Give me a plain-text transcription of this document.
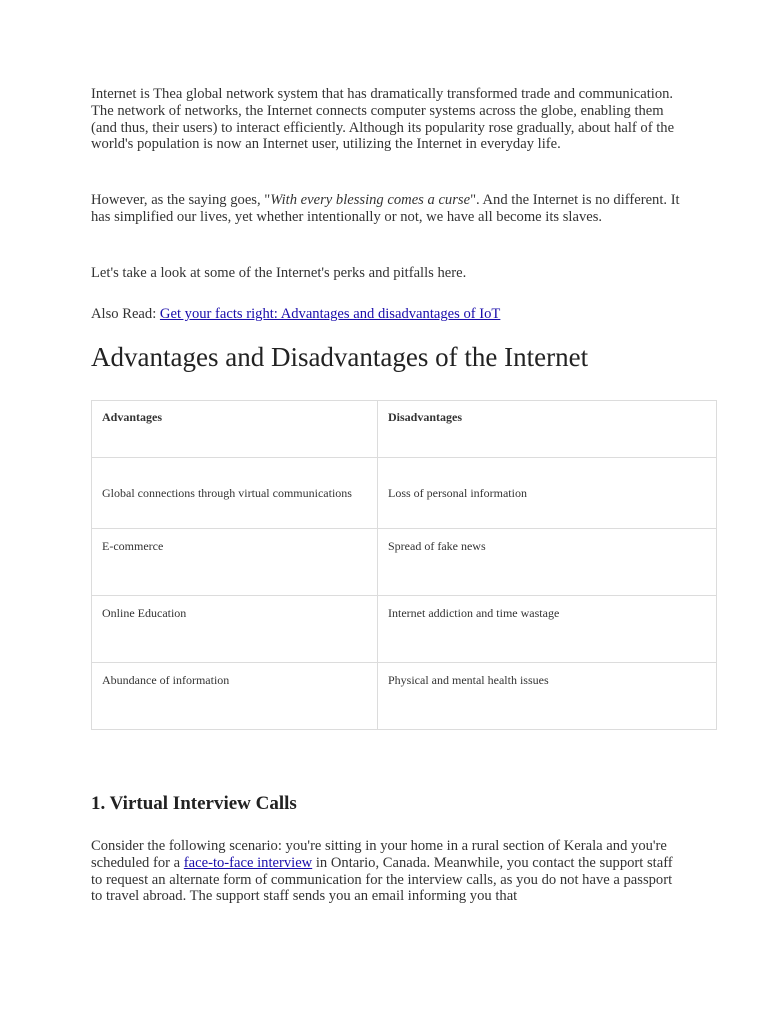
Internet is Thea global network system that has dramatically transformed trade and communication. The network of networks, the Internet connects computer systems across the globe, enabling them (and thus, their users) to interact efficiently. Although its popularity rose gradually, about half of the world's population is now an Internet user, utilizing the Internet in everyday life.

However, as the saying goes, "With every blessing comes a curse". And the Internet is no different. It has simplified our lives, yet whether intentionally or not, we have all become its slaves.

Let's take a look at some of the Internet's perks and pitfalls here.

Also Read: Get your facts right: Advantages and disadvantages of IoT

Advantages and Disadvantages of the Internet
Advantages	Disadvantages
Global connections through virtual communications	Loss of personal information
E-commerce	Spread of fake news
Online Education	Internet addiction and time wastage
Abundance of information	Physical and mental health issues
1. Virtual Interview Calls

Consider the following scenario: you're sitting in your home in a rural section of Kerala and you're scheduled for a face-to-face interview in Ontario, Canada. Meanwhile, you contact the support staff to request an alternate form of communication for the interview calls, as you do not have a passport to travel abroad. The support staff sends you an email informing you that
